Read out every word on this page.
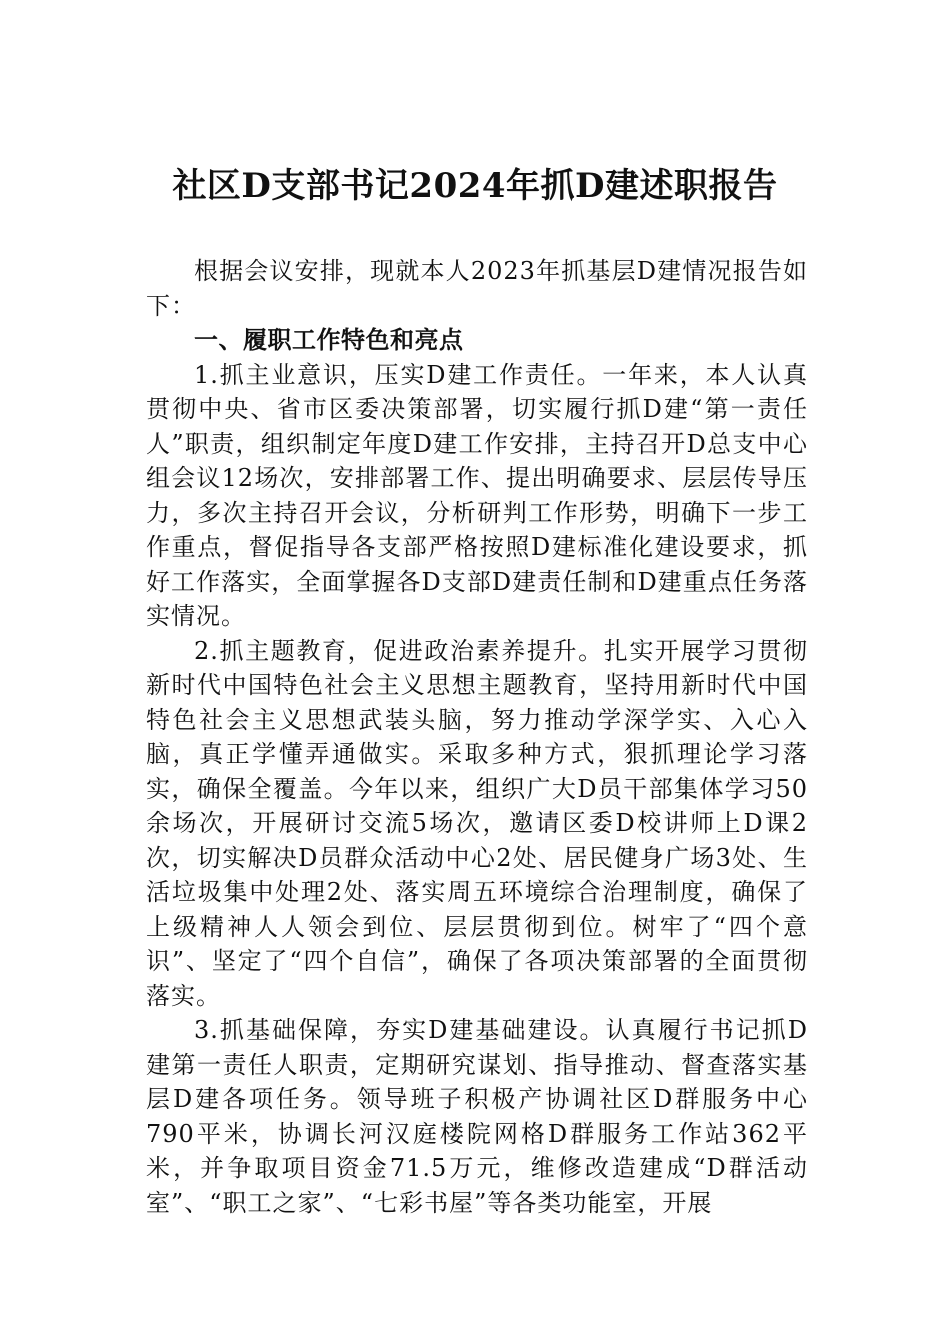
社区D支部书记2024年抓D建述职报告

根据会议安排，现就本人2023年抓基层D建情况报告如下：

一、履职工作特色和亮点

1.抓主业意识，压实D建工作责任。一年来，本人认真贯彻中央、省市区委决策部署，切实履行抓D建“第一责任人”职责，组织制定年度D建工作安排，主持召开D总支中心组会议12场次，安排部署工作、提出明确要求、层层传导压力，多次主持召开会议，分析研判工作形势，明确下一步工作重点，督促指导各支部严格按照D建标准化建设要求，抓好工作落实，全面掌握各D支部D建责任制和D建重点任务落实情况。

2.抓主题教育，促进政治素养提升。扎实开展学习贯彻新时代中国特色社会主义思想主题教育，坚持用新时代中国特色社会主义思想武装头脑，努力推动学深学实、入心入脑，真正学懂弄通做实。采取多种方式，狠抓理论学习落实，确保全覆盖。今年以来，组织广大D员干部集体学习50余场次，开展研讨交流5场次，邀请区委D校讲师上D课2次，切实解决D员群众活动中心2处、居民健身广场3处、生活垃圾集中处理2处、落实周五环境综合治理制度，确保了上级精神人人领会到位、层层贯彻到位。树牢了“四个意识”、坚定了“四个自信”，确保了各项决策部署的全面贯彻落实。

3.抓基础保障，夯实D建基础建设。认真履行书记抓D建第一责任人职责，定期研究谋划、指导推动、督查落实基层D建各项任务。领导班子积极产协调社区D群服务中心790平米，协调长河汉庭楼院网格D群服务工作站362平米，并争取项目资金71.5万元，维修改造建成“D群活动室”、“职工之家”、“七彩书屋”等各类功能室，开展
